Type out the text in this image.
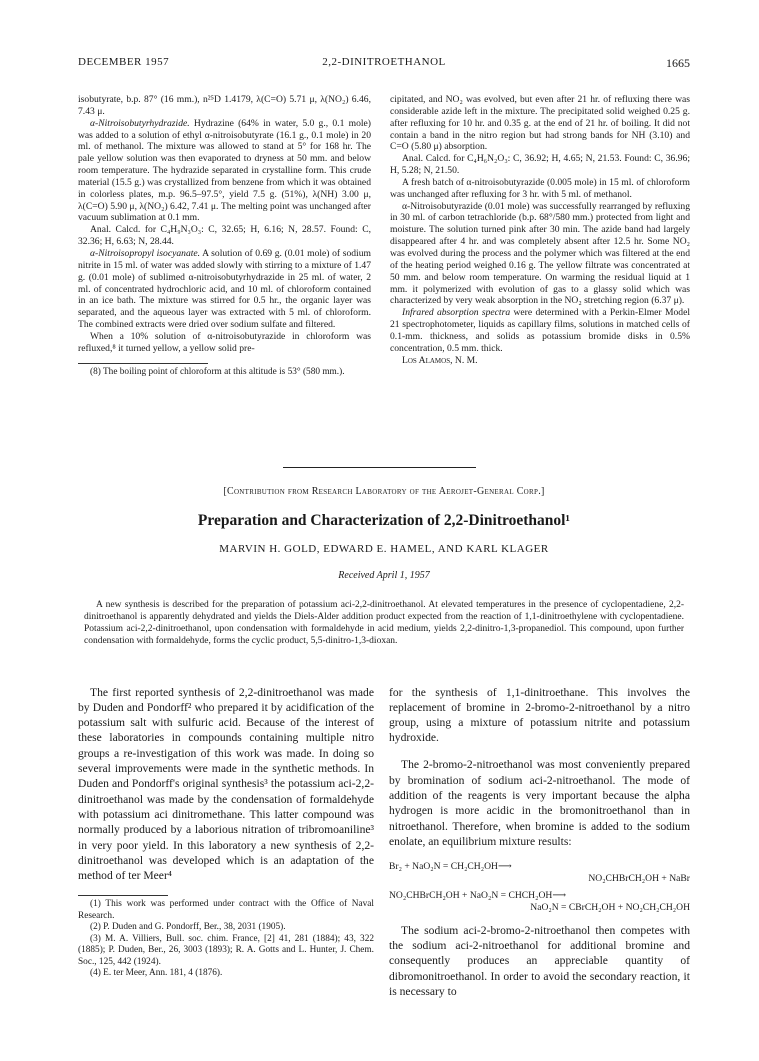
DECEMBER 1957	2,2-DINITROETHANOL	1665

isobutyrate, b.p. 87° (16 mm.), n²⁵D 1.4179, λ(C=O) 5.71 μ, λ(NO₂) 6.46, 7.43 μ.

α-Nitroisobutyrhydrazide. Hydrazine (64% in water, 5.0 g., 0.1 mole) was added to a solution of ethyl α-nitroisobutyrate (16.1 g., 0.1 mole) in 20 ml. of methanol. The mixture was allowed to stand at 5° for 168 hr. The pale yellow solution was then evaporated to dryness at 50 mm. and below room temperature. The hydrazide separated in crystalline form. This crude material (15.5 g.) was crystallized from benzene from which it was obtained in colorless plates, m.p. 96.5–97.5°, yield 7.5 g. (51%), λ(NH) 3.00 μ, λ(C=O) 5.90 μ, λ(NO₂) 6.42, 7.41 μ. The melting point was unchanged after vacuum sublimation at 0.1 mm.

Anal. Calcd. for C₄H₉N₃O₃: C, 32.65; H, 6.16; N, 28.57. Found: C, 32.36; H, 6.63; N, 28.44.

α-Nitroisopropyl isocyanate. A solution of 0.69 g. (0.01 mole) of sodium nitrite in 15 ml. of water was added slowly with stirring to a mixture of 1.47 g. (0.01 mole) of sublimed α-nitroisobutyrhydrazide in 25 ml. of water, 2 ml. of concentrated hydrochloric acid, and 10 ml. of chloroform contained in an ice bath. The mixture was stirred for 0.5 hr., the organic layer was separated, and the aqueous layer was extracted with 5 ml. of chloroform. The combined extracts were dried over sodium sulfate and filtered.

When a 10% solution of α-nitroisobutyrazide in chloroform was refluxed,⁸ it turned yellow, a yellow solid pre-

(8) The boiling point of chloroform at this altitude is 53° (580 mm.).

cipitated, and NO₂ was evolved, but even after 21 hr. of refluxing there was considerable azide left in the mixture. The precipitated solid weighed 0.25 g. after refluxing for 10 hr. and 0.35 g. at the end of 21 hr. of boiling. It did not contain a band in the nitro region but had strong bands for NH (3.10) and C=O (5.80 μ) absorption.

Anal. Calcd. for C₄H₆N₂O₃: C, 36.92; H, 4.65; N, 21.53. Found: C, 36.96; H, 5.28; N, 21.50.

A fresh batch of α-nitroisobutyrazide (0.005 mole) in 15 ml. of chloroform was unchanged after refluxing for 3 hr. with 5 ml. of methanol.

α-Nitroisobutyrazide (0.01 mole) was successfully rearranged by refluxing in 30 ml. of carbon tetrachloride (b.p. 68°/580 mm.) protected from light and moisture. The solution turned pink after 30 min. The azide band had largely disappeared after 4 hr. and was completely absent after 12.5 hr. Some NO₂ was evolved during the process and the polymer which was filtered at the end of the heating period weighed 0.16 g. The yellow filtrate was concentrated at 50 mm. and below room temperature. On warming the residual liquid at 1 mm. it polymerized with evolution of gas to a glassy solid which was characterized by very weak absorption in the NO₂ stretching region (6.37 μ).

Infrared absorption spectra were determined with a Perkin-Elmer Model 21 spectrophotometer, liquids as capillary films, solutions in matched cells of 0.1-mm. thickness, and solids as potassium bromide disks in 0.5% concentration, 0.5 mm. thick.

Los Alamos, N. M.

[Contribution from Research Laboratory of the Aerojet-General Corp.]
Preparation and Characterization of 2,2-Dinitroethanol¹
MARVIN H. GOLD, EDWARD E. HAMEL, AND KARL KLAGER
Received April 1, 1957
A new synthesis is described for the preparation of potassium aci-2,2-dinitroethanol. At elevated temperatures in the presence of cyclopentadiene, 2,2-dinitroethanol is apparently dehydrated and yields the Diels-Alder addition product expected from the reaction of 1,1-dinitroethylene with cyclopentadiene. Potassium aci-2,2-dinitroethanol, upon condensation with formaldehyde in acid medium, yields 2,2-dinitro-1,3-propanediol. This compound, upon further condensation with formaldehyde, forms the cyclic product, 5,5-dinitro-1,3-dioxan.

The first reported synthesis of 2,2-dinitroethanol was made by Duden and Pondorff² who prepared it by acidification of the potassium salt with sulfuric acid. Because of the interest of these laboratories in compounds containing multiple nitro groups a re-investigation of this work was made. In doing so several improvements were made in the synthetic methods. In Duden and Pondorff's original synthesis³ the potassium aci-2,2-dinitroethanol was made by the condensation of formaldehyde with potassium aci dinitromethane. This latter compound was normally produced by a laborious nitration of tribromoaniline³ in very poor yield. In this laboratory a new synthesis of 2,2-dinitroethanol was developed which is an adaptation of the method of ter Meer⁴

(1) This work was performed under contract with the Office of Naval Research.

(2) P. Duden and G. Pondorff, Ber., 38, 2031 (1905).

(3) M. A. Villiers, Bull. soc. chim. France, [2] 41, 281 (1884); 43, 322 (1885); P. Duden, Ber., 26, 3003 (1893); R. A. Gotts and L. Hunter, J. Chem. Soc., 125, 442 (1924).

(4) E. ter Meer, Ann. 181, 4 (1876).

for the synthesis of 1,1-dinitroethane. This involves the replacement of bromine in 2-bromo-2-nitroethanol by a nitro group, using a mixture of potassium nitrite and potassium hydroxide.

The 2-bromo-2-nitroethanol was most conveniently prepared by bromination of sodium aci-2-nitroethanol. The mode of addition of the reagents is very important because the alpha hydrogen is more acidic in the bromonitroethanol than in nitroethanol. Therefore, when bromine is added to the sodium enolate, an equilibrium mixture results:

Br₂ + NaO₂N = CH₂CH₂OH ⟶
NO₂CHBrCH₂OH + NaBr
NO₂CHBrCH₂OH + NaO₂N = CHCH₂OH ⟶
NaO₂N = CBrCH₂OH + NO₂CH₂CH₂OH

The sodium aci-2-bromo-2-nitroethanol then competes with the sodium aci-2-nitroethanol for additional bromine and consequently produces an appreciable quantity of dibromonitroethanol. In order to avoid the secondary reaction, it is necessary to
